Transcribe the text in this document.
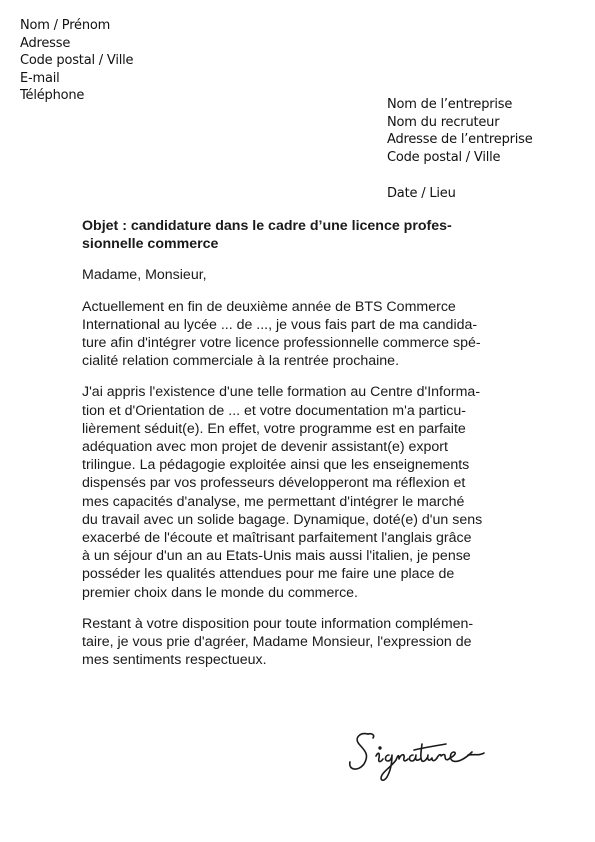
Nom / Prénom
Adresse
Code postal / Ville
E-mail
Téléphone
Nom de l’entreprise
Nom du recruteur
Adresse de l’entreprise
Code postal / Ville
Date / Lieu
Objet : candidature dans le cadre d’une licence profes-
sionnelle commerce
Madame, Monsieur,
Actuellement en fin de deuxième année de BTS Commerce
International au lycée ... de ..., je vous fais part de ma candida-
ture afin d'intégrer votre licence professionnelle commerce spé-
cialité relation commerciale à la rentrée prochaine.
J'ai appris l'existence d'une telle formation au Centre d'Informa-
tion et d'Orientation de ... et votre documentation m'a particu-
lièrement séduit(e). En effet, votre programme est en parfaite
adéquation avec mon projet de devenir assistant(e) export
trilingue. La pédagogie exploitée ainsi que les enseignements
dispensés par vos professeurs développeront ma réflexion et
mes capacités d'analyse, me permettant d'intégrer le marché
du travail avec un solide bagage. Dynamique, doté(e) d'un sens
exacerbé de l'écoute et maîtrisant parfaitement l'anglais grâce
à un séjour d'un an au Etats-Unis mais aussi l'italien, je pense
posséder les qualités attendues pour me faire une place de
premier choix dans le monde du commerce.
Restant à votre disposition pour toute information complémen-
taire, je vous prie d'agréer, Madame Monsieur, l'expression de
mes sentiments respectueux.
